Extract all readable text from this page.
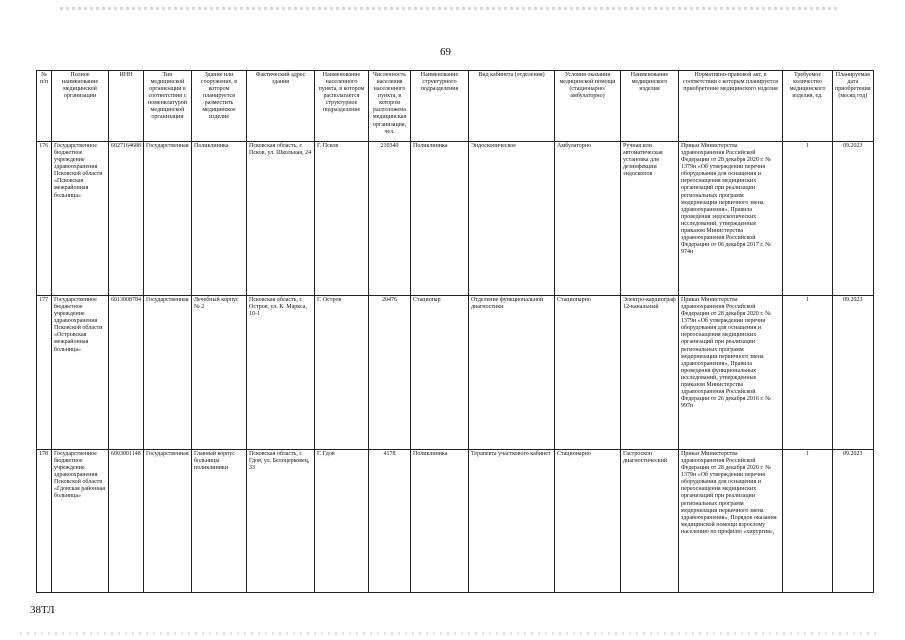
69
№ п/п	Полное наименование медицинской организации	ИНН	Тип медицинской организации в соответствии с номенклатурой медицинской организации	Здание или сооружение, в котором планируется разместить медицинское изделие	Фактический адрес здания	Наименование населенного пункта, в котором располагается структурное подразделение	Численность населения населенного пункта, в котором расположена медицинская организация, чел.	Наименование структурного подразделения	Вид кабинета (отделения)	Условия оказания медицинской помощи (стационарно/ амбулаторно)	Наименование медицинского изделия	Нормативно-правовой акт, в соответствии с которым планируется приобретение медицинского изделия	Требуемое количество медицинского изделия, ед.	Планируемая дата приобретения (месяц год)
176	Государственное бюджетное учреждение здравоохранения Псковской области «Псковская межрайонная больница»	6027164688	Государственная	Поликлиника	Псковская область, г. Псков, ул. Школьная, 24	Г. Псков	210340	Поликлиника	Эндоскопическое	Амбулаторно	Ручная или автоматическая установка для дезинфекции эндоскопов	Приказ Министерства здравоохранения Российской Федерации от 28 декабря 2020 г. № 1379н «Об утверждении перечня оборудования для оснащения и переоснащения медицинских организаций при реализации региональных программ модернизации первичного звена здравоохранения», Правила проведения эндоскопических исследований, утвержденные приказом Министерства здравоохранения Российской Федерации от 06 декабря 2017 г. № 974н	1	09.2023
177	Государственное бюджетное учреждение здравоохранения Псковской области «Островская межрайонная больница»	6013008784	Государственная	Лечебный корпус № 2	Псковская область, г. Остров, ул. К. Маркса, 10-1	Г. Остров	20476	Стационар	Отделение функциональной диагностики	Стационарно	Электро-кардиограф 12-канальный	Приказ Министерства здравоохранения Российской Федерации от 28 декабря 2020 г. № 1379н «Об утверждении перечня оборудования для оснащения и переоснащения медицинских организаций при реализации региональных программ модернизации первичного звена здравоохранения», Правила проведения функциональных исследований, утвержденные приказом Министерства здравоохранения Российской Федерации от 26 декабря 2016 г. № 997н	1	09.2023
178	Государственное бюджетное учреждение здравоохранения Псковской области «Гдовская районная больница»	6003001148	Государственная	Главный корпус больницы поликлиники	Псковская область, г. Гдов, ул. Белоцерковец, 33	Г. Гдов	4178	Поликлиника	Терапевта участкового кабинет	Стационарно	Гастроскоп диагностический	Приказ Министерства здравоохранения Российской Федерации от 28 декабря 2020 г. № 1379н «Об утверждении перечня оборудования для оснащения и переоснащения медицинских организаций при реализации региональных программ модернизации первичного звена здравоохранения», Порядок оказания медицинской помощи взрослому населению по профилю «хирургия»,	1	09.2023
38ТЛ
